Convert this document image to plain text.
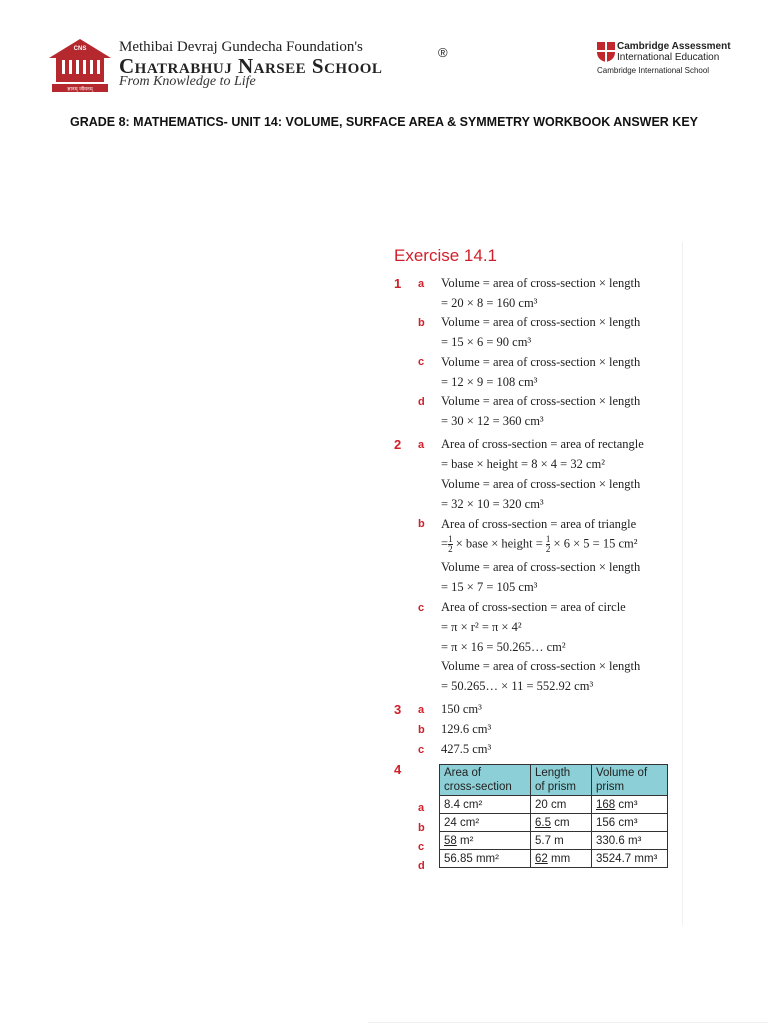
CNS
ज्ञानम् जीवनम्
Methibai Devraj Gundecha Foundation's
Chatrabhuj Narsee School
®
From Knowledge to Life
Cambridge Assessment
International Education
Cambridge International School
GRADE 8: MATHEMATICS- UNIT 14: VOLUME, SURFACE AREA & SYMMETRY WORKBOOK ANSWER KEY
Exercise 14.1
1 a Volume = area of cross-section × length
= 20 × 8 = 160 cm³
b Volume = area of cross-section × length
= 15 × 6 = 90 cm³
c Volume = area of cross-section × length
= 12 × 9 = 108 cm³
d Volume = area of cross-section × length
= 30 × 12 = 360 cm³
2 a Area of cross-section = area of rectangle
= base × height = 8 × 4 = 32 cm²
Volume = area of cross-section × length
= 32 × 10 = 320 cm³
b Area of cross-section = area of triangle
= $\frac{1}{2}$ × base × height = $\frac{1}{2} \times 6 \times 5 = 15$ cm²
Volume = area of cross-section × length
= 15 × 7 = 105 cm³
c Area of cross-section = area of circle
= π × r² = π × 4²
= π × 16 = 50.265… cm²
Volume = area of cross-section × length
= 50.265… × 11 = 552.92 cm³
3 a 150 cm³
b 129.6 cm³
c 427.5 cm³
4
a
b
c
d
Area of
cross-section	Length
of prism	Volume of
prism
8.4 cm²	20 cm	168 cm³
24 cm²	6.5 cm	156 cm³
58 m²	5.7 m	330.6 m³
56.85 mm²	62 mm	3524.7 mm³
